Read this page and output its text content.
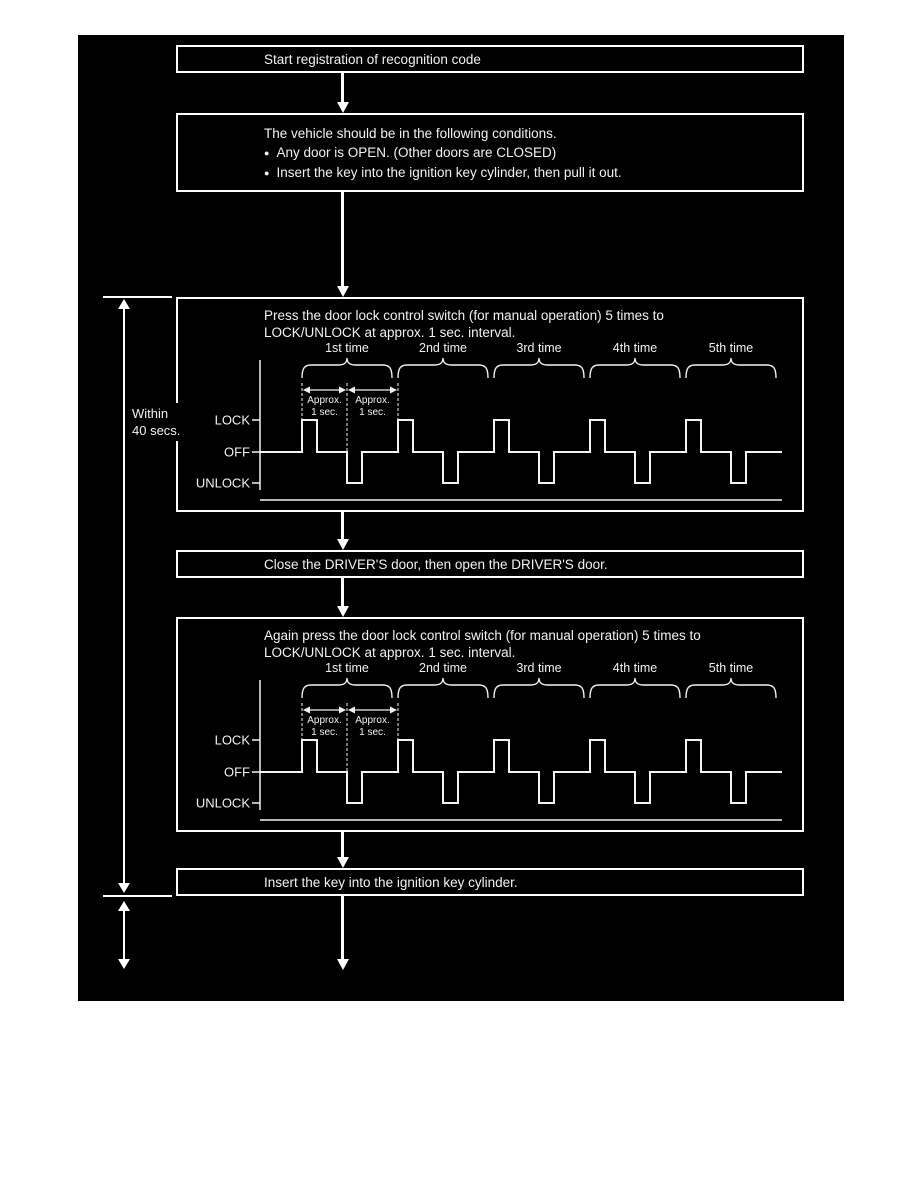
Start registration of recognition code
The vehicle should be in the following conditions.
● Any door is OPEN. (Other doors are CLOSED)
● Insert the key into the ignition key cylinder, then pull it out.
Press the door lock control switch (for manual operation) 5 times to
LOCK/UNLOCK at approx. 1 sec. interval.
LOCK
OFF
UNLOCK
1st time	2nd time	3rd time	4th time	5th time
Approx.
1 sec.
Approx.
1 sec.
Close the DRIVER'S door, then open the DRIVER'S door.
Again press the door lock control switch (for manual operation) 5 times to
LOCK/UNLOCK at approx. 1 sec. interval.
LOCK
OFF
UNLOCK
1st time	2nd time	3rd time	4th time	5th time
Approx.
1 sec.
Approx.
1 sec.
Insert the key into the ignition key cylinder.
Within
40 secs.
